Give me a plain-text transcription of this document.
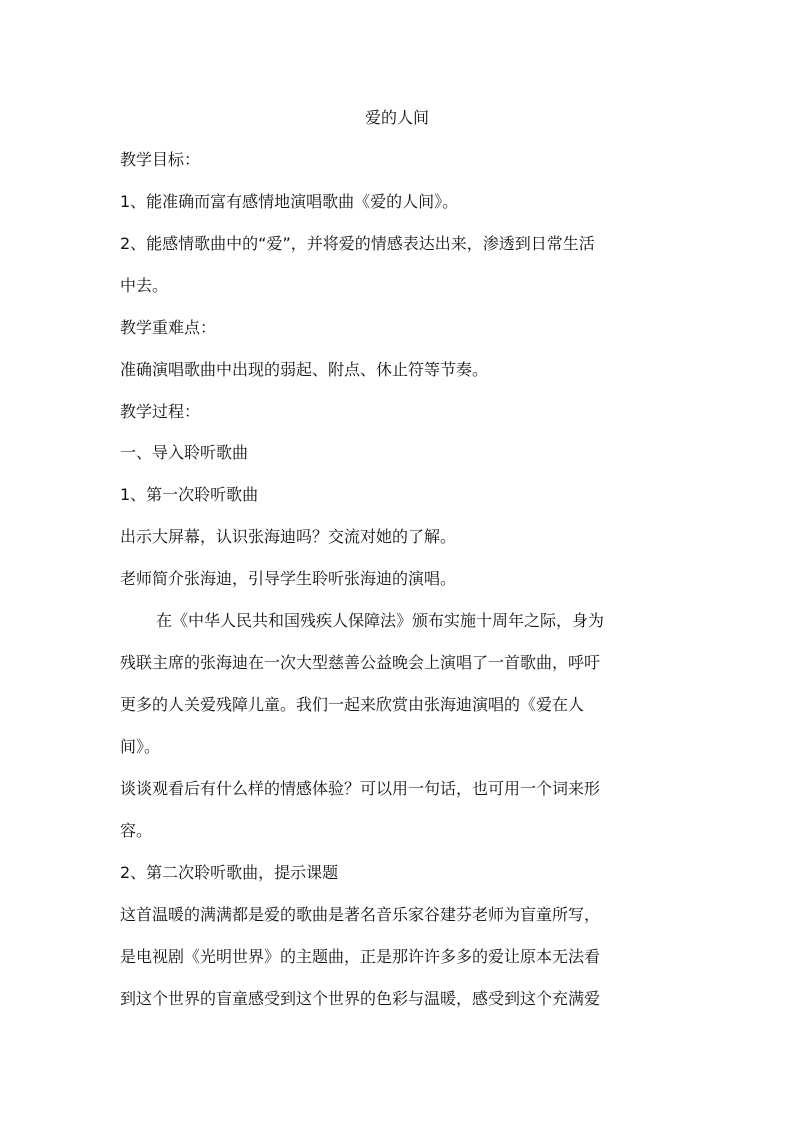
爱的人间
教学目标：
1、能准确而富有感情地演唱歌曲《爱的人间》。
2、能感情歌曲中的“爱”，并将爱的情感表达出来，渗透到日常生活
中去。
教学重难点：
准确演唱歌曲中出现的弱起、附点、休止符等节奏。
教学过程：
一、导入聆听歌曲
1、第一次聆听歌曲
出示大屏幕，认识张海迪吗？交流对她的了解。
老师简介张海迪，引导学生聆听张海迪的演唱。
在《中华人民共和国残疾人保障法》颁布实施十周年之际，身为
残联主席的张海迪在一次大型慈善公益晚会上演唱了一首歌曲，呼吁
更多的人关爱残障儿童。我们一起来欣赏由张海迪演唱的《爱在人
间》。
谈谈观看后有什么样的情感体验？可以用一句话，也可用一个词来形
容。
2、第二次聆听歌曲，提示课题
这首温暖的满满都是爱的歌曲是著名音乐家谷建芬老师为盲童所写，
是电视剧《光明世界》的主题曲，正是那许许多多的爱让原本无法看
到这个世界的盲童感受到这个世界的色彩与温暖，感受到这个充满爱
